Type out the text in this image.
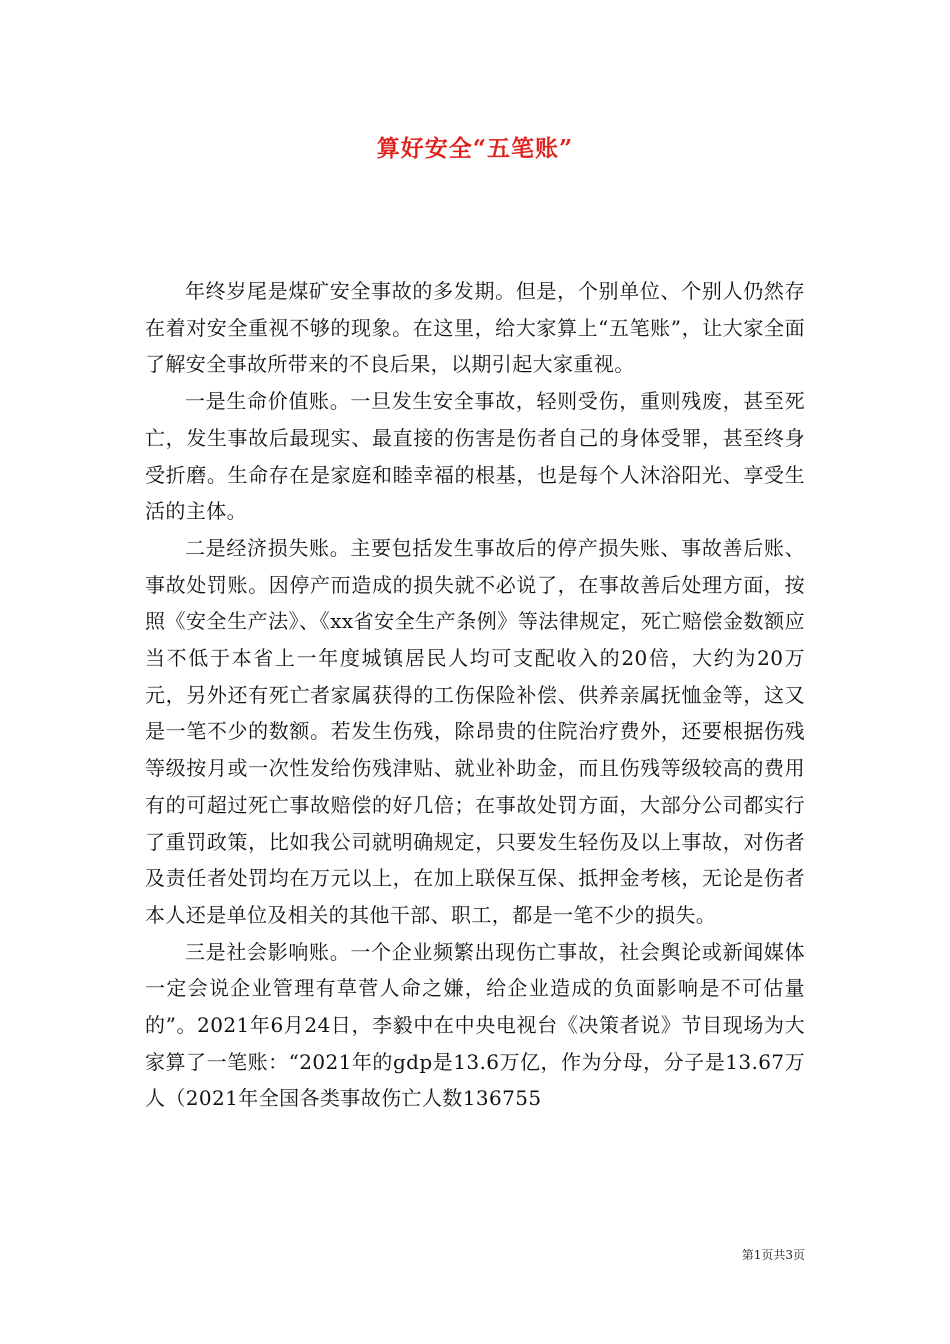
算好安全“五笔账”

年终岁尾是煤矿安全事故的多发期。但是，个别单位、个别人仍然存在着对安全重视不够的现象。在这里，给大家算上“五笔账”，让大家全面了解安全事故所带来的不良后果，以期引起大家重视。

一是生命价值账。一旦发生安全事故，轻则受伤，重则残废，甚至死亡，发生事故后最现实、最直接的伤害是伤者自己的身体受罪，甚至终身受折磨。生命存在是家庭和睦幸福的根基，也是每个人沐浴阳光、享受生活的主体。

二是经济损失账。主要包括发生事故后的停产损失账、事故善后账、事故处罚账。因停产而造成的损失就不必说了，在事故善后处理方面，按照《安全生产法》、《xx省安全生产条例》等法律规定，死亡赔偿金数额应当不低于本省上一年度城镇居民人均可支配收入的20倍，大约为20万元，另外还有死亡者家属获得的工伤保险补偿、供养亲属抚恤金等，这又是一笔不少的数额。若发生伤残，除昂贵的住院治疗费外，还要根据伤残等级按月或一次性发给伤残津贴、就业补助金，而且伤残等级较高的费用有的可超过死亡事故赔偿的好几倍；在事故处罚方面，大部分公司都实行了重罚政策，比如我公司就明确规定，只要发生轻伤及以上事故，对伤者及责任者处罚均在万元以上，在加上联保互保、抵押金考核，无论是伤者本人还是单位及相关的其他干部、职工，都是一笔不少的损失。

三是社会影响账。一个企业频繁出现伤亡事故，社会舆论或新闻媒体一定会说企业管理有草菅人命之嫌，给企业造成的负面影响是不可估量的”。2021年6月24日，李毅中在中央电视台《决策者说》节目现场为大家算了一笔账：“2021年的gdp是13.6万亿，作为分母，分子是13.67万人（2021年全国各类事故伤亡人数136755

第1页共3页
